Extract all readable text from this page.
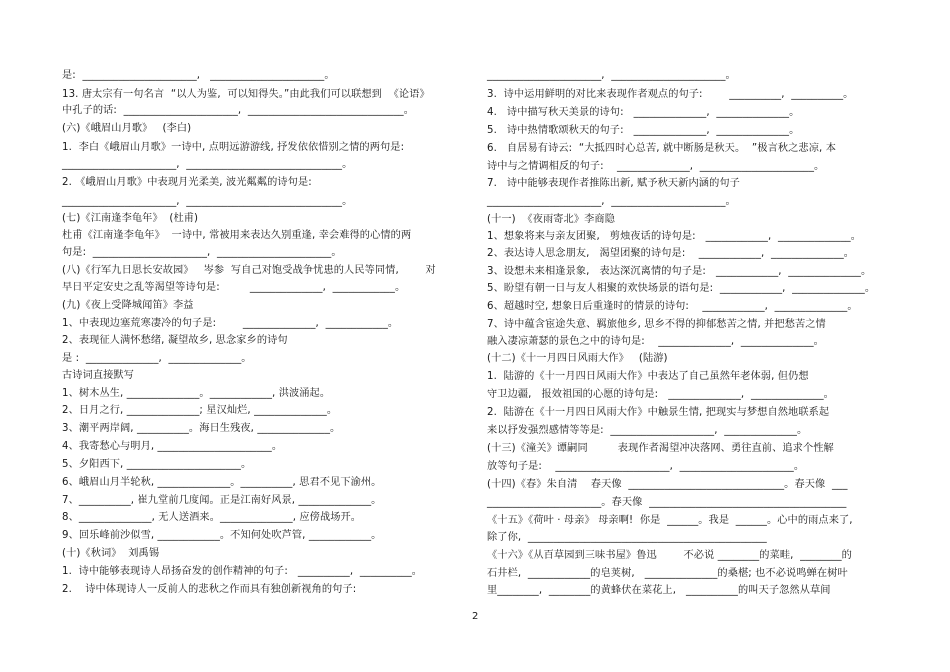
是:  ______________________,   ______________________。
13. 唐太宗有一句名言  “以人为鉴,  可以知得失。”由此我们可以联想到  《论语》
中孔子的话:  ______________________,  ______________________________。
(六)《峨眉山月歌》   (李白)
1.  李白《峨眉山月歌》一诗中, 点明远游游线, 抒发依依惜别之情的两句是:
______________________,  ______________________________。
2. 《峨眉山月歌》中表现月光柔美, 波光粼粼的诗句是:
______________________,  ______________________________。
(七)《江南逢李龟年》  (杜甫)
杜甫《江南逢李龟年》  一诗中, 常被用来表达久别重逢, 幸会难得的心情的两
句是:  ______________________,  ______________________。
(八)《行军九日思长安故园》   岑参  写自己对饱受战争忧患的人民等同情,        对
早日平定安史之乱等渴望等诗句是:         ______________,  ____________。
(九)《夜上受降城闻笛》李益
1、中表现边塞荒寒凄冷的句子是:        ______________,  ____________。
2、表现征人满怀愁绪, 凝望故乡, 思念家乡的诗句
是 :  ______________,  ______________。
古诗词直接默写
1、树木丛生, ______________。____________, 洪波涌起。
2、日月之行, ______________; 星汉灿烂, ______________。
3、潮平两岸阔, __________。海日生残夜, ______________。
4、我寄愁心与明月, ______________________。
5、夕阳西下, ______________________。
6、峨眉山月半轮秋, ______________。__________, 思君不见下渝州。
7、__________, 崔九堂前几度闻。正是江南好风景, ______________。
8、______________, 无人送酒来。______________, 应傍战场开。
9、回乐峰前沙似雪, ____________。不知何处吹芦管, ____________。
(十)《秋词》  刘禹锡
1.  诗中能够表现诗人昂扬奋发的创作精神的句子:   __________,  __________。
2.    诗中体现诗人一反前人的悲秋之作而具有独创新视角的句子:
______________________,  ______________________。
3.  诗中运用鲜明的对比来表现作者观点的句子:        __________,  __________。
4.   诗中描写秋天美景的诗句:   ______________,  ______________。
5.   诗中热情歌颂秋天的句子:   ______________,  ______________。
6.   自居易有诗云:  “大抵四时心总苦, 就中断肠是秋天。  ”极言秋之悲凉, 本
诗中与之情调相反的句子:    ______________,  ______________________。
7.   诗中能够表现作者推陈出新, 赋予秋天新内涵的句子
______________________,  ______________________。
(十一)  《夜雨寄北》李商隐
1、想象将来与亲友团聚,   剪烛夜话的诗句是:   ____________,  ______________。
2、表达诗人思念朋友,   渴望团聚的诗句是:    ____________,  ______________。
3、设想未来相逢景象,   表达深沉离情的句子是:   ____________,  ______________。
5、盼望有朝一日与友人相聚的欢快场景的语句是:  ____________,  ______________。
6、超越时空, 想象日后重逢时的情景的诗句:    ____________,  ______________。
7、诗中蕴含宦途失意、羁旅他乡, 思乡不得的抑郁愁苦之情, 并把愁苦之情
融入凄凉萧瑟的景色之中的诗句是:    ______________,  ______________。
(十二)《十一月四日风雨大作》   (陆游)
1.  陆游的《十一月四日风雨大作》中表达了自己虽然年老体弱, 但仍想
守卫边疆,   报效祖国的心愿的诗句是:   ______________,  ______________。
2.  陆游在《十一月四日风雨大作》中触景生情, 把现实与梦想自然地联系起
来以抒发强烈感情等等是:  ____________________,  ______________。
(十三)《潼关》谭嗣同         表现作者渴望冲决落网、勇往直前、追求个性解
放等句子是:    ______________________,  ______________________。
(十四)《春》朱自清    春天像  ______________________________。春天像  ___
______________________。春天像  ______________________________________
《十五》《荷叶 · 母亲》 母亲啊!  你是  ______。我是  ______。心中的雨点来了,
除了你,  ______________________________________________
《十六》《从百草园到三味书屋》鲁迅        不必说 ________的菜畦,  ________的
石井栏,  ____________的皂荚树,   ______________的桑椹; 也不必说鸣蝉在树叶
里________,  ________的黄蜂伏在菜花上,   __________的叫天子忽然从草间
2
